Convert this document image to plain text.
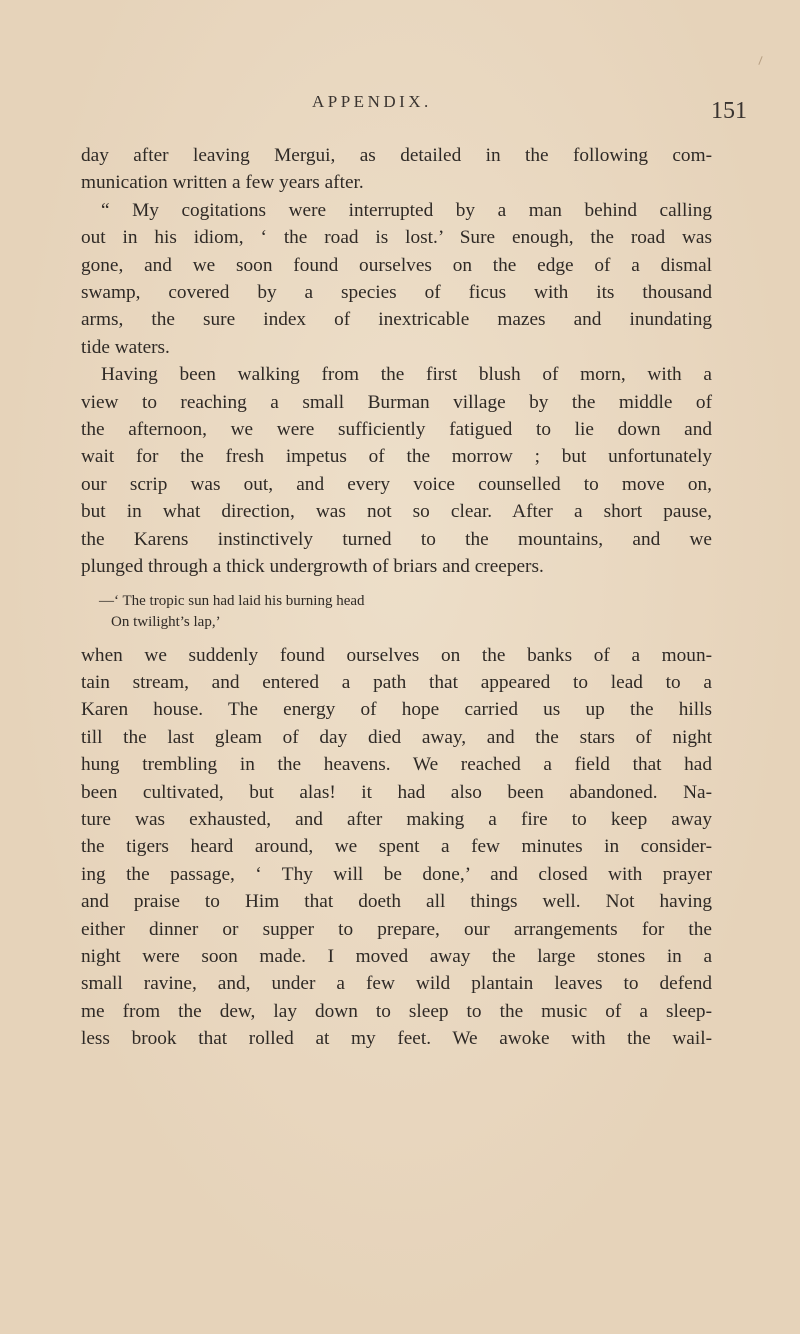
APPENDIX.	151
day after leaving Mergui, as detailed in the following com-
munication written a few years after.
“ My cogitations were interrupted by a man behind calling
out in his idiom, ‘ the road is lost.’ Sure enough, the road was
gone, and we soon found ourselves on the edge of a dismal
swamp, covered by a species of ficus with its thousand
arms, the sure index of inextricable mazes and inundating
tide waters.
Having been walking from the first blush of morn, with a
view to reaching a small Burman village by the middle of
the afternoon, we were sufficiently fatigued to lie down and
wait for the fresh impetus of the morrow ; but unfortunately
our scrip was out, and every voice counselled to move on,
but in what direction, was not so clear. After a short pause,
the Karens instinctively turned to the mountains, and we
plunged through a thick undergrowth of briars and creepers.
—‘ The tropic sun had laid his burning head
On twilight’s lap,’
when we suddenly found ourselves on the banks of a moun-
tain stream, and entered a path that appeared to lead to a
Karen house. The energy of hope carried us up the hills
till the last gleam of day died away, and the stars of night
hung trembling in the heavens. We reached a field that had
been cultivated, but alas! it had also been abandoned. Na-
ture was exhausted, and after making a fire to keep away
the tigers heard around, we spent a few minutes in consider-
ing the passage, ‘ Thy will be done,’ and closed with prayer
and praise to Him that doeth all things well. Not having
either dinner or supper to prepare, our arrangements for the
night were soon made. I moved away the large stones in a
small ravine, and, under a few wild plantain leaves to defend
me from the dew, lay down to sleep to the music of a sleep-
less brook that rolled at my feet. We awoke with the wail-
